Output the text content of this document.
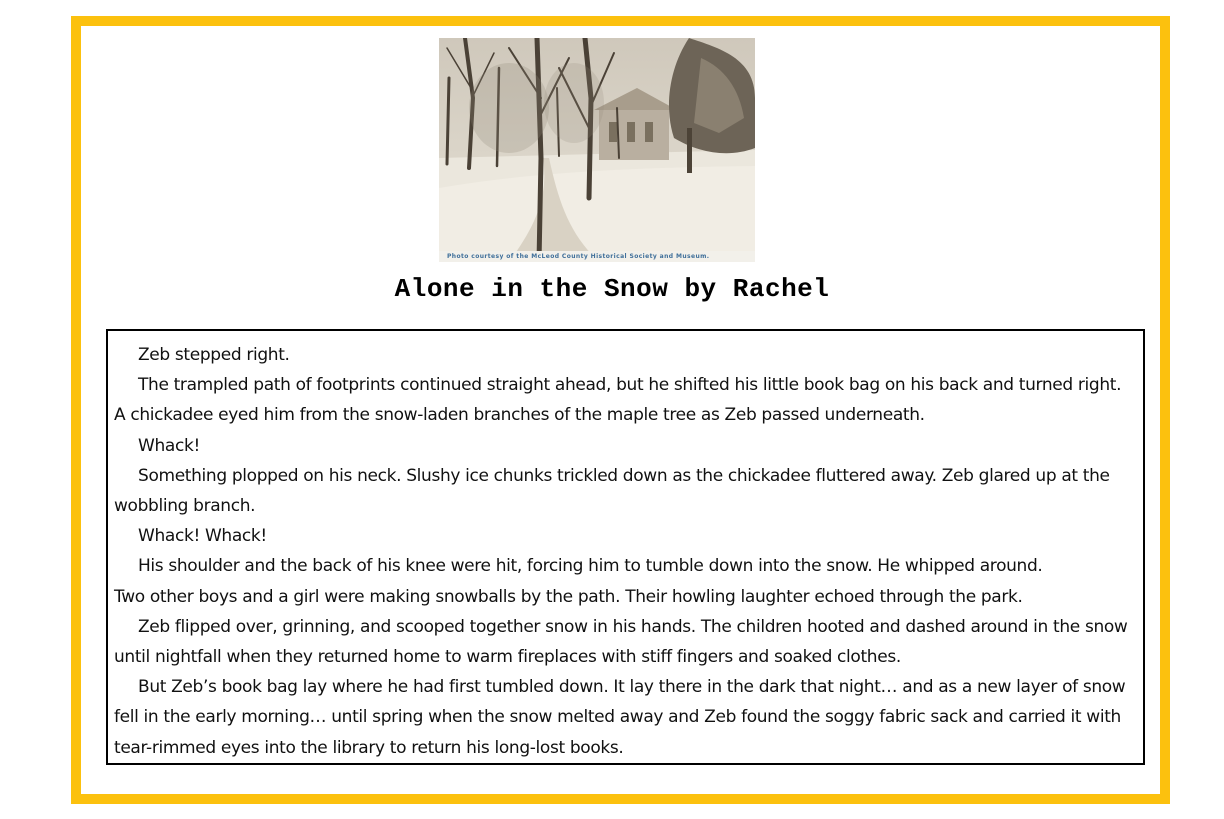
Photo courtesy of the McLeod County Historical Society and Museum.
Alone in the Snow by Rachel

Zeb stepped right.

The trampled path of footprints continued straight ahead, but he shifted his little book bag on his back and turned right. A chickadee eyed him from the snow-laden branches of the maple tree as Zeb passed underneath.

Whack!

Something plopped on his neck. Slushy ice chunks trickled down as the chickadee fluttered away. Zeb glared up at the wobbling branch.

Whack! Whack!

His shoulder and the back of his knee were hit, forcing him to tumble down into the snow. He whipped around.

Two other boys and a girl were making snowballs by the path. Their howling laughter echoed through the park.

Zeb flipped over, grinning, and scooped together snow in his hands. The children hooted and dashed around in the snow until nightfall when they returned home to warm fireplaces with stiff fingers and soaked clothes.

But Zeb’s book bag lay where he had first tumbled down. It lay there in the dark that night… and as a new layer of snow fell in the early morning… until spring when the snow melted away and Zeb found the soggy fabric sack and carried it with tear-rimmed eyes into the library to return his long-lost books.
